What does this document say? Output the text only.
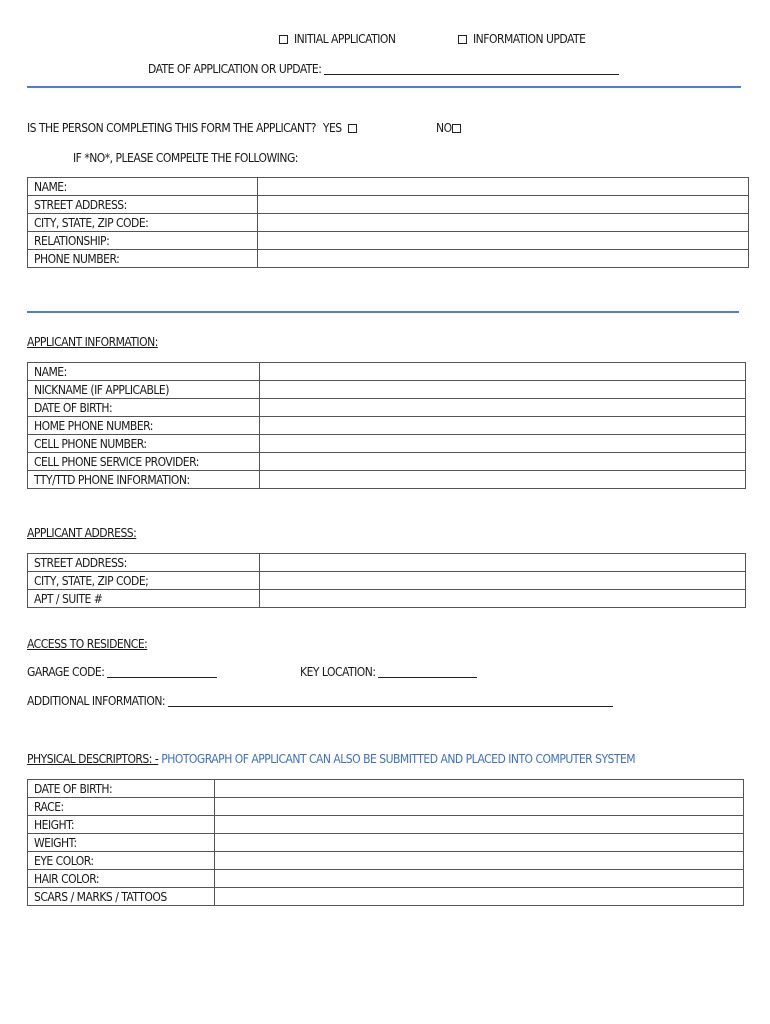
INITIAL APPLICATION	INFORMATION UPDATE
DATE OF APPLICATION OR UPDATE:
IS THE PERSON COMPLETING THIS FORM THE APPLICANT? YES	NO
IF *NO*, PLEASE COMPELTE THE FOLLOWING:
NAME:	
STREET ADDRESS:	
CITY, STATE, ZIP CODE:	
RELATIONSHIP:	
PHONE NUMBER:	
APPLICANT INFORMATION:
NAME:	
NICKNAME (IF APPLICABLE)	
DATE OF BIRTH:	
HOME PHONE NUMBER:	
CELL PHONE NUMBER:	
CELL PHONE SERVICE PROVIDER:	
TTY/TTD PHONE INFORMATION:	
APPLICANT ADDRESS:
STREET ADDRESS:	
CITY, STATE, ZIP CODE;	
APT / SUITE #	
ACCESS TO RESIDENCE:
GARAGE CODE:	KEY LOCATION:
ADDITIONAL INFORMATION:
PHYSICAL DESCRIPTORS: - PHOTOGRAPH OF APPLICANT CAN ALSO BE SUBMITTED AND PLACED INTO COMPUTER SYSTEM
DATE OF BIRTH:	
RACE:	
HEIGHT:	
WEIGHT:	
EYE COLOR:	
HAIR COLOR:	
SCARS / MARKS / TATTOOS	
